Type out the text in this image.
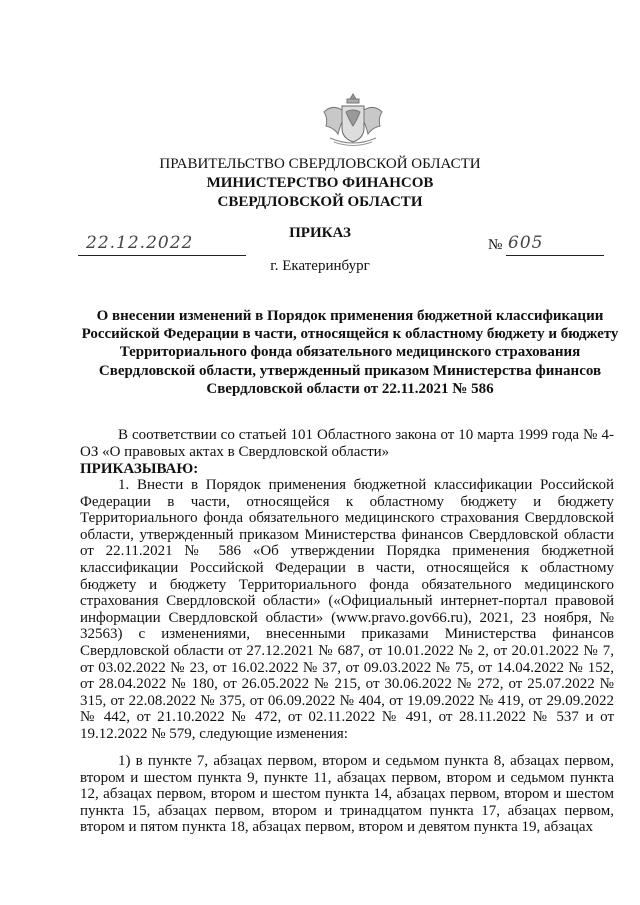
ПРАВИТЕЛЬСТВО СВЕРДЛОВСКОЙ ОБЛАСТИ
МИНИСТЕРСТВО ФИНАНСОВ
СВЕРДЛОВСКОЙ ОБЛАСТИ
ПРИКАЗ
22.12.2022	№ 605
г. Екатеринбург
О внесении изменений в Порядок применения бюджетной классификации Российской Федерации в части, относящейся к областному бюджету и бюджету Территориального фонда обязательного медицинского страхования Свердловской области, утвержденный приказом Министерства финансов Свердловской области от 22.11.2021 № 586
В соответствии со статьей 101 Областного закона от 10 марта 1999 года № 4-ОЗ «О правовых актах в Свердловской области»
ПРИКАЗЫВАЮ:
1. Внести в Порядок применения бюджетной классификации Российской Федерации в части, относящейся к областному бюджету и бюджету Территориального фонда обязательного медицинского страхования Свердловской области, утвержденный приказом Министерства финансов Свердловской области от 22.11.2021 № 586 «Об утверждении Порядка применения бюджетной классификации Российской Федерации в части, относящейся к областному бюджету и бюджету Территориального фонда обязательного медицинского страхования Свердловской области» («Официальный интернет-портал правовой информации Свердловской области» (www.pravo.gov66.ru), 2021, 23 ноября, № 32563) с изменениями, внесенными приказами Министерства финансов Свердловской области от 27.12.2021 № 687, от 10.01.2022 № 2, от 20.01.2022 № 7, от 03.02.2022 № 23, от 16.02.2022 № 37, от 09.03.2022 № 75, от 14.04.2022 № 152, от 28.04.2022 № 180, от 26.05.2022 № 215, от 30.06.2022 № 272, от 25.07.2022 № 315, от 22.08.2022 № 375, от 06.09.2022 № 404, от 19.09.2022 № 419, от 29.09.2022 № 442, от 21.10.2022 № 472, от 02.11.2022 № 491, от 28.11.2022 № 537 и от 19.12.2022 № 579, следующие изменения:
1) в пункте 7, абзацах первом, втором и седьмом пункта 8, абзацах первом, втором и шестом пункта 9, пункте 11, абзацах первом, втором и седьмом пункта 12, абзацах первом, втором и шестом пункта 14, абзацах первом, втором и шестом пункта 15, абзацах первом, втором и тринадцатом пункта 17, абзацах первом, втором и пятом пункта 18, абзацах первом, втором и девятом пункта 19, абзацах
